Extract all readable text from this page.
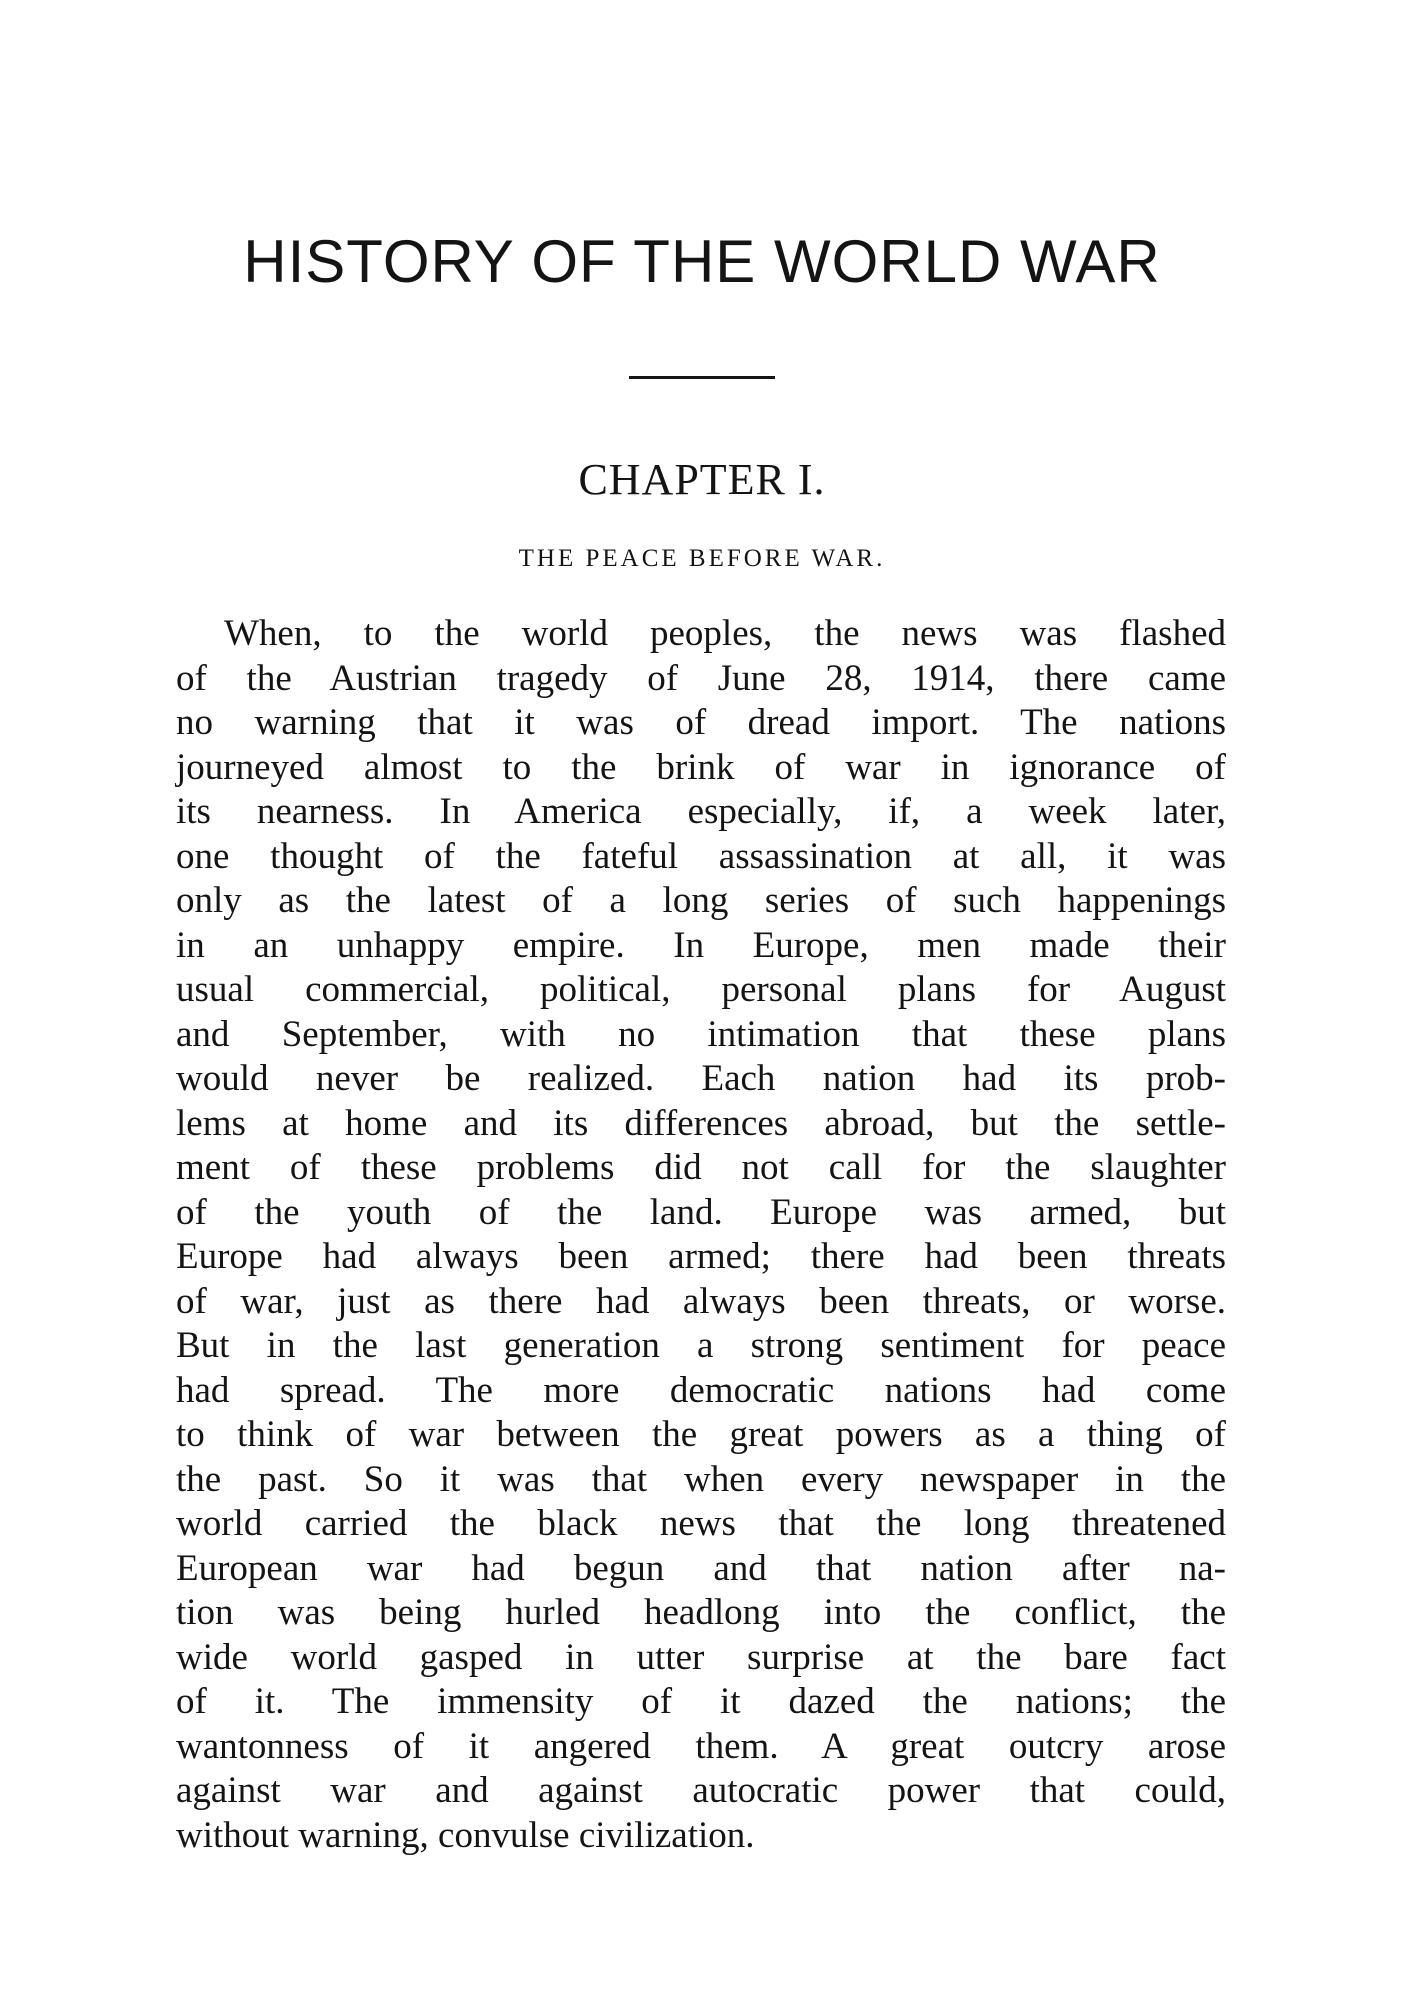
HISTORY OF THE WORLD WAR
CHAPTER I.
THE PEACE BEFORE WAR.
When, to the world peoples, the news was flashed
of the Austrian tragedy of June 28, 1914, there came
no warning that it was of dread import. The nations
journeyed almost to the brink of war in ignorance of
its nearness. In America especially, if, a week later,
one thought of the fateful assassination at all, it was
only as the latest of a long series of such happenings
in an unhappy empire. In Europe, men made their
usual commercial, political, personal plans for August
and September, with no intimation that these plans
would never be realized. Each nation had its prob-
lems at home and its differences abroad, but the settle-
ment of these problems did not call for the slaughter
of the youth of the land. Europe was armed, but
Europe had always been armed; there had been threats
of war, just as there had always been threats, or worse.
But in the last generation a strong sentiment for peace
had spread. The more democratic nations had come
to think of war between the great powers as a thing of
the past. So it was that when every newspaper in the
world carried the black news that the long threatened
European war had begun and that nation after na-
tion was being hurled headlong into the conflict, the
wide world gasped in utter surprise at the bare fact
of it. The immensity of it dazed the nations; the
wantonness of it angered them. A great outcry arose
against war and against autocratic power that could,
without warning, convulse civilization.
